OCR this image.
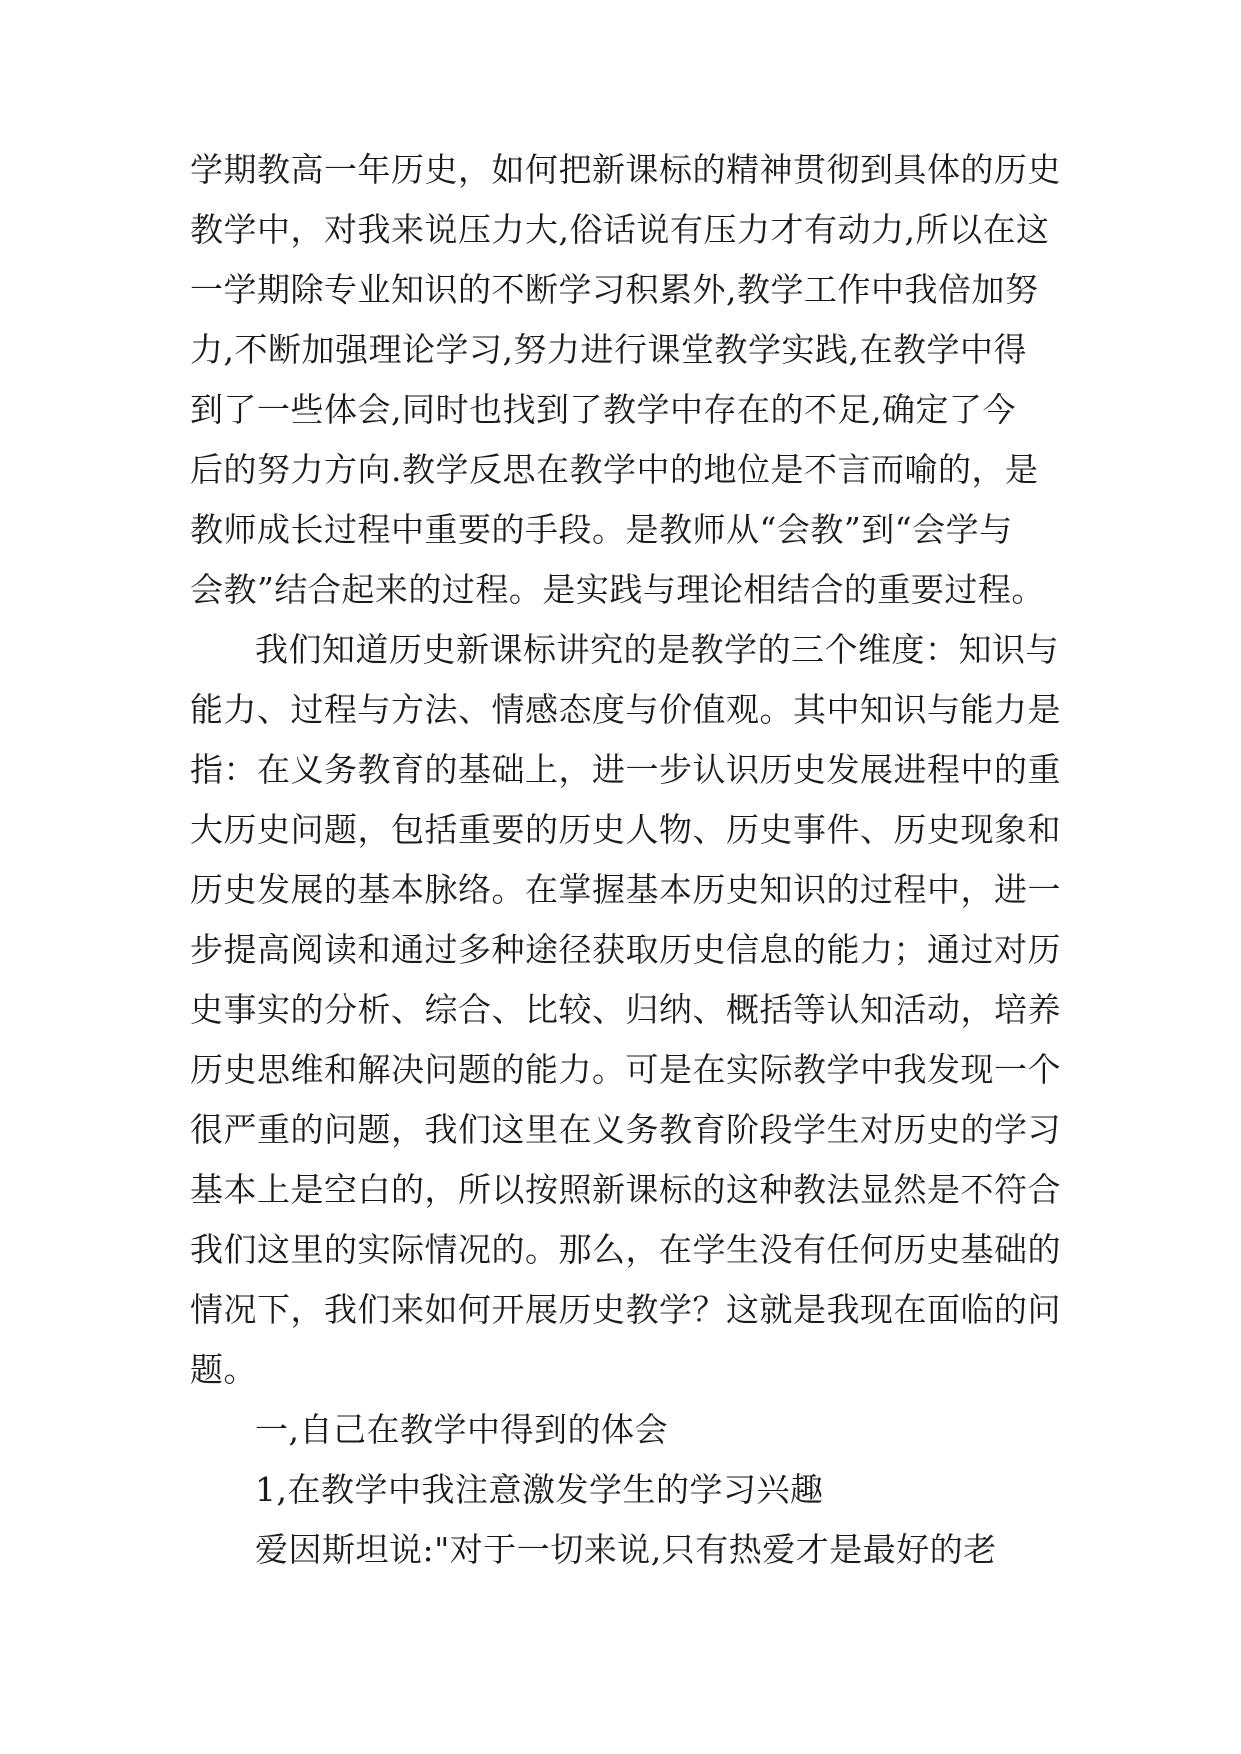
学期教高一年历史，如何把新课标的精神贯彻到具体的历史
教学中，对我来说压力大,俗话说有压力才有动力,所以在这
一学期除专业知识的不断学习积累外,教学工作中我倍加努
力,不断加强理论学习,努力进行课堂教学实践,在教学中得
到了一些体会,同时也找到了教学中存在的不足,确定了今
后的努力方向.教学反思在教学中的地位是不言而喻的，是
教师成长过程中重要的手段。是教师从“会教”到“会学与
会教”结合起来的过程。是实践与理论相结合的重要过程。
我们知道历史新课标讲究的是教学的三个维度：知识与
能力、过程与方法、情感态度与价值观。其中知识与能力是
指：在义务教育的基础上，进一步认识历史发展进程中的重
大历史问题，包括重要的历史人物、历史事件、历史现象和
历史发展的基本脉络。在掌握基本历史知识的过程中，进一
步提高阅读和通过多种途径获取历史信息的能力；通过对历
史事实的分析、综合、比较、归纳、概括等认知活动，培养
历史思维和解决问题的能力。可是在实际教学中我发现一个
很严重的问题，我们这里在义务教育阶段学生对历史的学习
基本上是空白的，所以按照新课标的这种教法显然是不符合
我们这里的实际情况的。那么，在学生没有任何历史基础的
情况下，我们来如何开展历史教学？这就是我现在面临的问
题。
一,自己在教学中得到的体会
1,在教学中我注意激发学生的学习兴趣
爱因斯坦说:"对于一切来说,只有热爱才是最好的老
